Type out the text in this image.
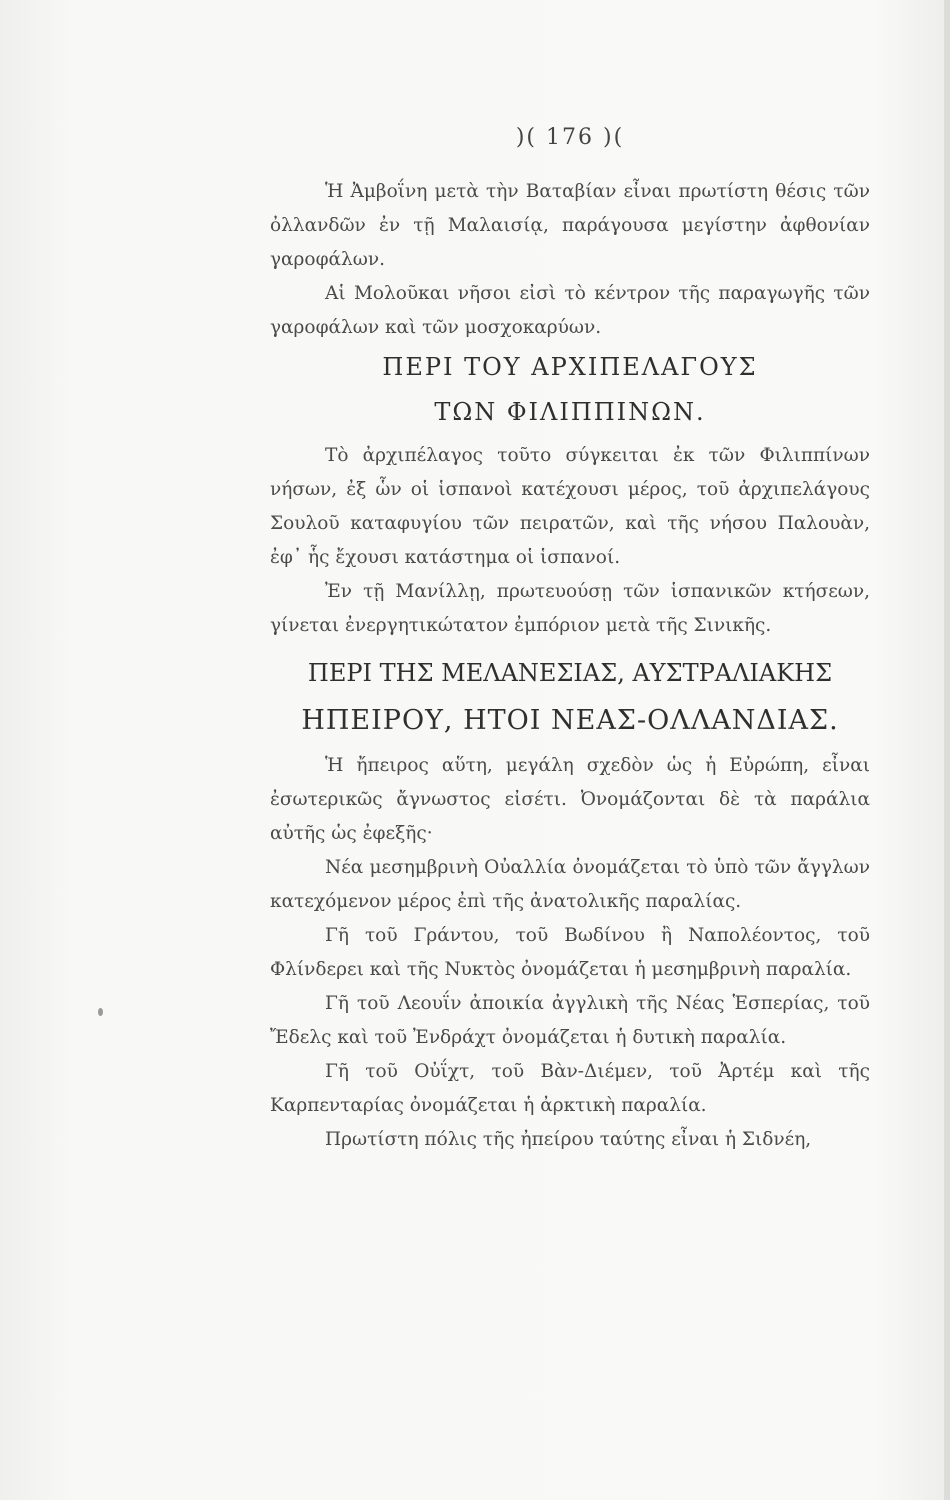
)( 176 )(

Ἡ Ἀμβοΐνη μετὰ τὴν Βαταβίαν εἶναι πρωτίστη θέσις τῶν ὀλλανδῶν ἐν τῇ Μαλαισίᾳ, παράγουσα μεγίστην ἀφθονίαν γαροφάλων.

Αἱ Μολοῦκαι νῆσοι εἰσὶ τὸ κέντρον τῆς παραγωγῆς τῶν γαροφάλων καὶ τῶν μοσχοκαρύων.

ΠΕΡΙ ΤΟΥ ΑΡΧΙΠΕΛΑΓΟΥΣ
ΤΩΝ ΦΙΛΙΠΠΙΝΩΝ.

Τὸ ἀρχιπέλαγος τοῦτο σύγκειται ἐκ τῶν Φιλιππίνων νήσων, ἐξ ὧν οἱ ἱσπανοὶ κατέχουσι μέρος, τοῦ ἀρχιπελάγους Σουλοῦ καταφυγίου τῶν πειρατῶν, καὶ τῆς νήσου Παλουὰν, ἐφ᾽ ἧς ἔχουσι κατάστημα οἱ ἱσπανοί.

Ἐν τῇ Μανίλλῃ, πρωτευούσῃ τῶν ἱσπανικῶν κτήσεων, γίνεται ἐνεργητικώτατον ἐμπόριον μετὰ τῆς Σινικῆς.

ΠΕΡΙ ΤΗΣ ΜΕΛΑΝΕΣΙΑΣ, ΑΥΣΤΡΑΛΙΑΚΗΣ
ΗΠΕΙΡΟΥ, ΗΤΟΙ ΝΕΑΣ-ΟΛΛΑΝΔΙΑΣ.

Ἡ ἤπειρος αὕτη, μεγάλη σχεδὸν ὡς ἡ Εὐρώπη, εἶναι ἐσωτερικῶς ἄγνωστος εἰσέτι. Ὀνομάζονται δὲ τὰ παράλια αὐτῆς ὡς ἐφεξῆς·

Νέα μεσημβρινὴ Οὐαλλία ὀνομάζεται τὸ ὑπὸ τῶν ἄγγλων κατεχόμενον μέρος ἐπὶ τῆς ἀνατολικῆς παραλίας.

Γῆ τοῦ Γράντου, τοῦ Βωδίνου ἢ Ναπολέοντος, τοῦ Φλίνδερει καὶ τῆς Νυκτὸς ὀνομάζεται ἡ μεσημβρινὴ παραλία.

Γῆ τοῦ Λεουΐν ἀποικία ἀγγλικὴ τῆς Νέας Ἑσπερίας, τοῦ Ἔδελς καὶ τοῦ Ἐνδράχτ ὀνομάζεται ἡ δυτικὴ παραλία.

Γῆ τοῦ Οὐΐχτ, τοῦ Βὰν-Διέμεν, τοῦ Ἀρτέμ καὶ τῆς Καρπενταρίας ὀνομάζεται ἡ ἀρκτικὴ παραλία.

Πρωτίστη πόλις τῆς ἠπείρου ταύτης εἶναι ἡ Σιδνέη,
